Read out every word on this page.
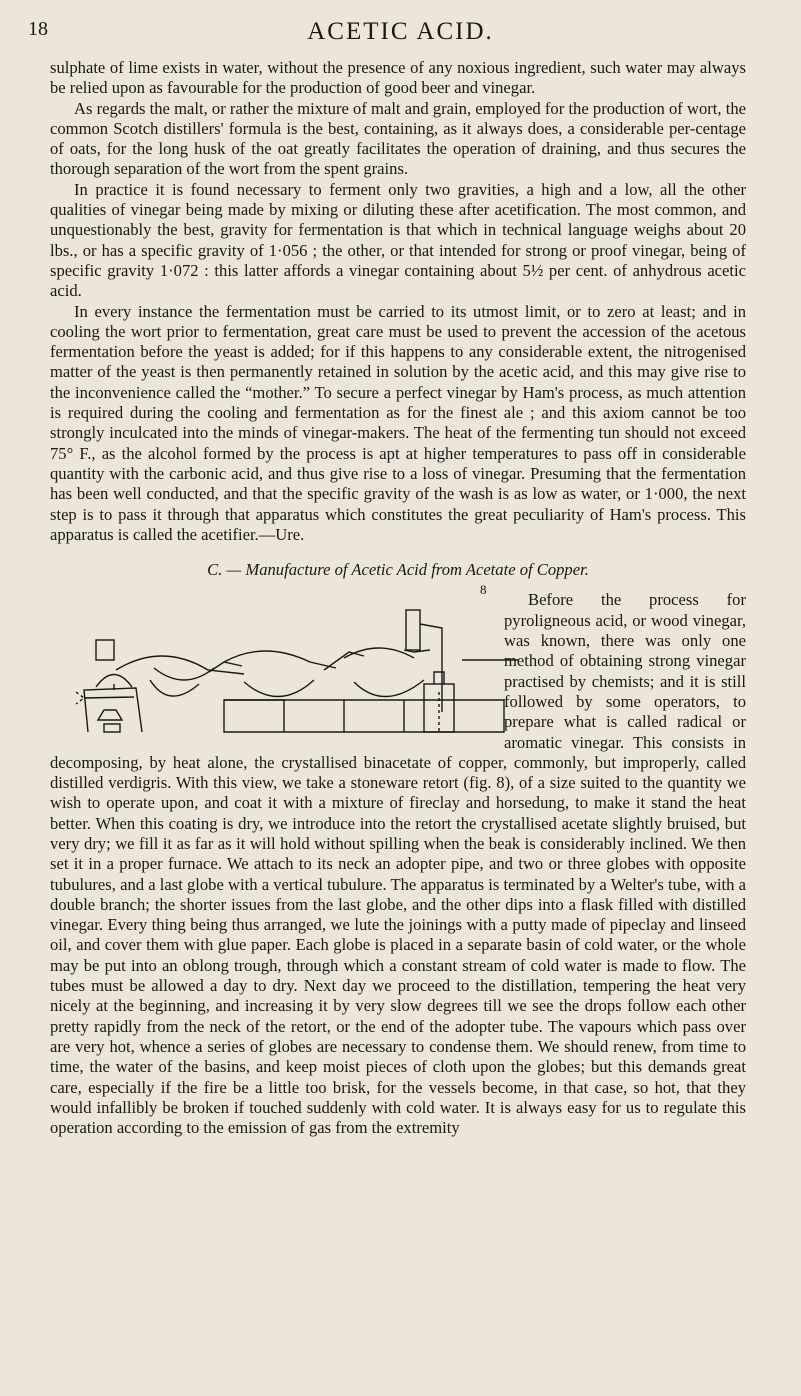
18	ACETIC ACID.

sulphate of lime exists in water, without the presence of any noxious ingredient, such water may always be relied upon as favourable for the production of good beer and vinegar.

As regards the malt, or rather the mixture of malt and grain, employed for the production of wort, the common Scotch distillers' formula is the best, containing, as it always does, a considerable per-centage of oats, for the long husk of the oat greatly facilitates the operation of draining, and thus secures the thorough separation of the wort from the spent grains.

In practice it is found necessary to ferment only two gravities, a high and a low, all the other qualities of vinegar being made by mixing or diluting these after acetification. The most common, and unquestionably the best, gravity for fermentation is that which in technical language weighs about 20 lbs., or has a specific gravity of 1·056 ; the other, or that intended for strong or proof vinegar, being of specific gravity 1·072 : this latter affords a vinegar containing about 5½ per cent. of anhydrous acetic acid.

In every instance the fermentation must be carried to its utmost limit, or to zero at least; and in cooling the wort prior to fermentation, great care must be used to prevent the accession of the acetous fermentation before the yeast is added; for if this happens to any considerable extent, the nitrogenised matter of the yeast is then permanently retained in solution by the acetic acid, and this may give rise to the inconvenience called the “mother.” To secure a perfect vinegar by Ham's process, as much attention is required during the cooling and fermentation as for the finest ale ; and this axiom cannot be too strongly inculcated into the minds of vinegar-makers. The heat of the fermenting tun should not exceed 75° F., as the alcohol formed by the process is apt at higher temperatures to pass off in considerable quantity with the carbonic acid, and thus give rise to a loss of vinegar. Presuming that the fermentation has been well conducted, and that the specific gravity of the wash is as low as water, or 1·000, the next step is to pass it through that apparatus which constitutes the great peculiarity of Ham's process. This apparatus is called the acetifier.—Ure.

C. — Manufacture of Acetic Acid from Acetate of Copper.

8
Before the process for pyroligneous acid, or wood vinegar, was known, there was only one method of obtaining strong vinegar practised by chemists; and it is still followed by some operators, to prepare what is called radical or aromatic vinegar. This consists in decomposing, by heat alone, the crystallised binacetate of copper, commonly, but improperly, called distilled verdigris. With this view, we take a stoneware retort (fig. 8), of a size suited to the quantity we wish to operate upon, and coat it with a mixture of fireclay and horsedung, to make it stand the heat better. When this coating is dry, we introduce into the retort the crystallised acetate slightly bruised, but very dry; we fill it as far as it will hold without spilling when the beak is considerably inclined. We then set it in a proper furnace. We attach to its neck an adopter pipe, and two or three globes with opposite tubulures, and a last globe with a vertical tubulure. The apparatus is terminated by a Welter's tube, with a double branch; the shorter issues from the last globe, and the other dips into a flask filled with distilled vinegar. Every thing being thus arranged, we lute the joinings with a putty made of pipeclay and linseed oil, and cover them with glue paper. Each globe is placed in a separate basin of cold water, or the whole may be put into an oblong trough, through which a constant stream of cold water is made to flow. The tubes must be allowed a day to dry. Next day we proceed to the distillation, tempering the heat very nicely at the beginning, and increasing it by very slow degrees till we see the drops follow each other pretty rapidly from the neck of the retort, or the end of the adopter tube. The vapours which pass over are very hot, whence a series of globes are necessary to condense them. We should renew, from time to time, the water of the basins, and keep moist pieces of cloth upon the globes; but this demands great care, especially if the fire be a little too brisk, for the vessels become, in that case, so hot, that they would infallibly be broken if touched suddenly with cold water. It is always easy for us to regulate this operation according to the emission of gas from the extremity
